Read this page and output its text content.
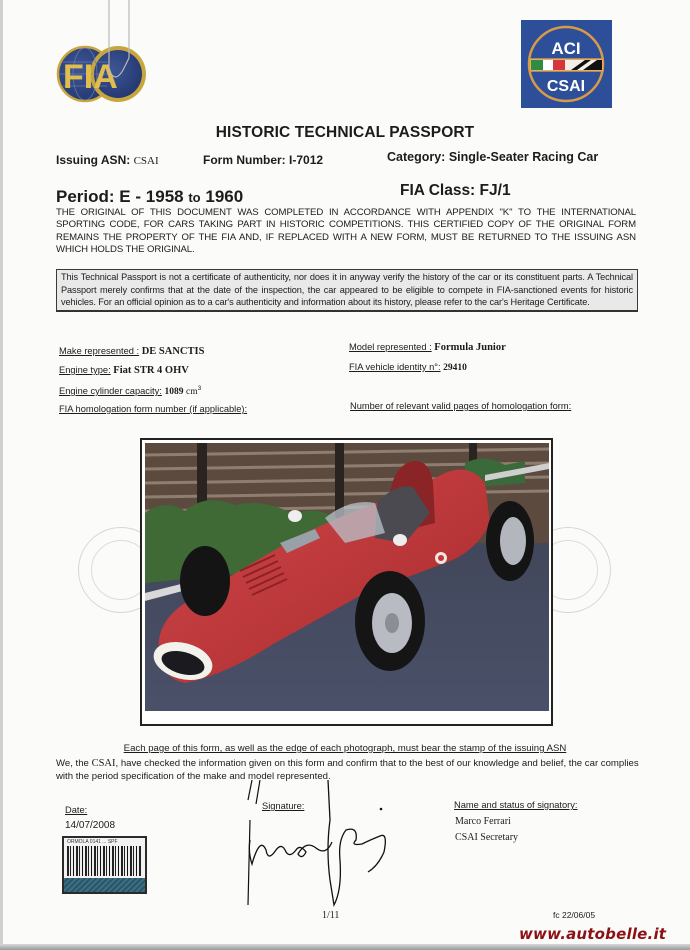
FIA
ACI
CSAI
HISTORIC TECHNICAL PASSPORT
Issuing ASN: CSAI	Form Number: I-7012	Category: Single-Seater Racing Car
Period: E - 1958 to 1960	FIA Class: FJ/1
THE ORIGINAL OF THIS DOCUMENT WAS COMPLETED IN ACCORDANCE WITH APPENDIX "K" TO THE INTERNATIONAL SPORTING CODE, FOR CARS TAKING PART IN HISTORIC COMPETITIONS. THIS CERTIFIED COPY OF THE ORIGINAL FORM REMAINS THE PROPERTY OF THE FIA AND, IF REPLACED WITH A NEW FORM, MUST BE RETURNED TO THE ISSUING ASN WHICH HOLDS THE ORIGINAL.
This Technical Passport is not a certificate of authenticity, nor does it in anyway verify the history of the car or its constituent parts. A Technical Passport merely confirms that at the date of the inspection, the car appeared to be eligible to compete in FIA-sanctioned events for historic vehicles. For an official opinion as to a car's authenticity and information about its history, please refer to the car's Heritage Certificate.
Make represented : DE SANCTIS	Model represented : Formula Junior
Engine type: Fiat STR 4 OHV	FIA vehicle identity n°: 29410
Engine cylinder capacity: 1089 $cm^3$
FIA homologation form number (if applicable):	Number of relevant valid pages of homologation form:
Each page of this form, as well as the edge of each photograph, must bear the stamp of the issuing ASN
We, the CSAI, have checked the information given on this form and confirm that to the best of our knowledge and belief, the car complies with the period specification of the make and model represented.
Date:
14/07/2008
Signature:	Name and status of signatory:
Marco Ferrari
CSAI Secretary
ORMOLA 0141 ... SPF
1/11	fc 22/06/05
www.autobelle.it
